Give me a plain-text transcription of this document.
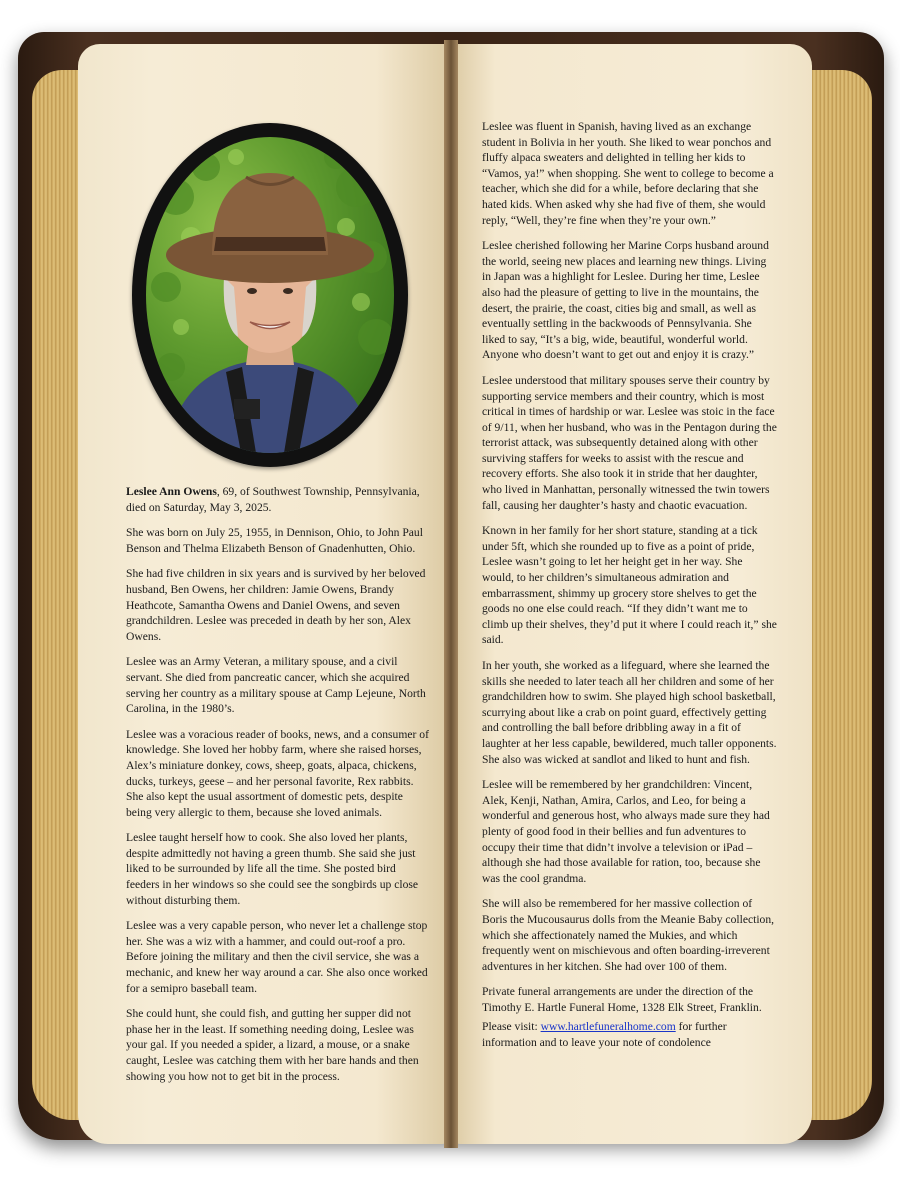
Leslee Ann Owens, 69, of Southwest Township, Pennsylvania, died on Saturday, May 3, 2025.

She was born on July 25, 1955, in Dennison, Ohio, to John Paul Benson and Thelma Elizabeth Benson of Gnadenhutten, Ohio.

She had five children in six years and is survived by her beloved husband, Ben Owens, her children: Jamie Owens, Brandy Heathcote, Samantha Owens and Daniel Owens, and seven grandchildren. Leslee was preceded in death by her son, Alex Owens.

Leslee was an Army Veteran, a military spouse, and a civil servant. She died from pancreatic cancer, which she acquired serving her country as a military spouse at Camp Lejeune, North Carolina, in the 1980’s.

Leslee was a voracious reader of books, news, and a consumer of knowledge. She loved her hobby farm, where she raised horses, Alex’s miniature donkey, cows, sheep, goats, alpaca, chickens, ducks, turkeys, geese – and her personal favorite, Rex rabbits. She also kept the usual assortment of domestic pets, despite being very allergic to them, because she loved animals.

Leslee taught herself how to cook. She also loved her plants, despite admittedly not having a green thumb. She said she just liked to be surrounded by life all the time. She posted bird feeders in her windows so she could see the songbirds up close without disturbing them.

Leslee was a very capable person, who never let a challenge stop her. She was a wiz with a hammer, and could out-roof a pro. Before joining the military and then the civil service, she was a mechanic, and knew her way around a car. She also once worked for a semipro baseball team.

She could hunt, she could fish, and gutting her supper did not phase her in the least. If something needing doing, Leslee was your gal. If you needed a spider, a lizard, a mouse, or a snake caught, Leslee was catching them with her bare hands and then showing you how not to get bit in the process.

Leslee was fluent in Spanish, having lived as an exchange student in Bolivia in her youth. She liked to wear ponchos and fluffy alpaca sweaters and delighted in telling her kids to “Vamos, ya!” when shopping. She went to college to become a teacher, which she did for a while, before declaring that she hated kids. When asked why she had five of them, she would reply, “Well, they’re fine when they’re your own.”

Leslee cherished following her Marine Corps husband around the world, seeing new places and learning new things. Living in Japan was a highlight for Leslee. During her time, Leslee also had the pleasure of getting to live in the mountains, the desert, the prairie, the coast, cities big and small, as well as eventually settling in the backwoods of Pennsylvania. She liked to say, “It’s a big, wide, beautiful, wonderful world. Anyone who doesn’t want to get out and enjoy it is crazy.”

Leslee understood that military spouses serve their country by supporting service members and their country, which is most critical in times of hardship or war. Leslee was stoic in the face of 9/11, when her husband, who was in the Pentagon during the terrorist attack, was subsequently detained along with other surviving staffers for weeks to assist with the rescue and recovery efforts. She also took it in stride that her daughter, who lived in Manhattan, personally witnessed the twin towers fall, causing her daughter’s hasty and chaotic evacuation.

Known in her family for her short stature, standing at a tick under 5ft, which she rounded up to five as a point of pride, Leslee wasn’t going to let her height get in her way. She would, to her children’s simultaneous admiration and embarrassment, shimmy up grocery store shelves to get the goods no one else could reach. “If they didn’t want me to climb up their shelves, they’d put it where I could reach it,” she said.

In her youth, she worked as a lifeguard, where she learned the skills she needed to later teach all her children and some of her grandchildren how to swim. She played high school basketball, scurrying about like a crab on point guard, effectively getting and controlling the ball before dribbling away in a fit of laughter at her less capable, bewildered, much taller opponents. She also was wicked at sandlot and liked to hunt and fish.

Leslee will be remembered by her grandchildren: Vincent, Alek, Kenji, Nathan, Amira, Carlos, and Leo, for being a wonderful and generous host, who always made sure they had plenty of good food in their bellies and fun adventures to occupy their time that didn’t involve a television or iPad – although she had those available for ration, too, because she was the cool grandma.

She will also be remembered for her massive collection of Boris the Mucousaurus dolls from the Meanie Baby collection, which she affectionately named the Mukies, and which frequently went on mischievous and often boarding-irreverent adventures in her kitchen. She had over 100 of them.

Private funeral arrangements are under the direction of the Timothy E. Hartle Funeral Home, 1328 Elk Street, Franklin.

Please visit: www.hartlefuneralhome.com for further information and to leave your note of condolence
